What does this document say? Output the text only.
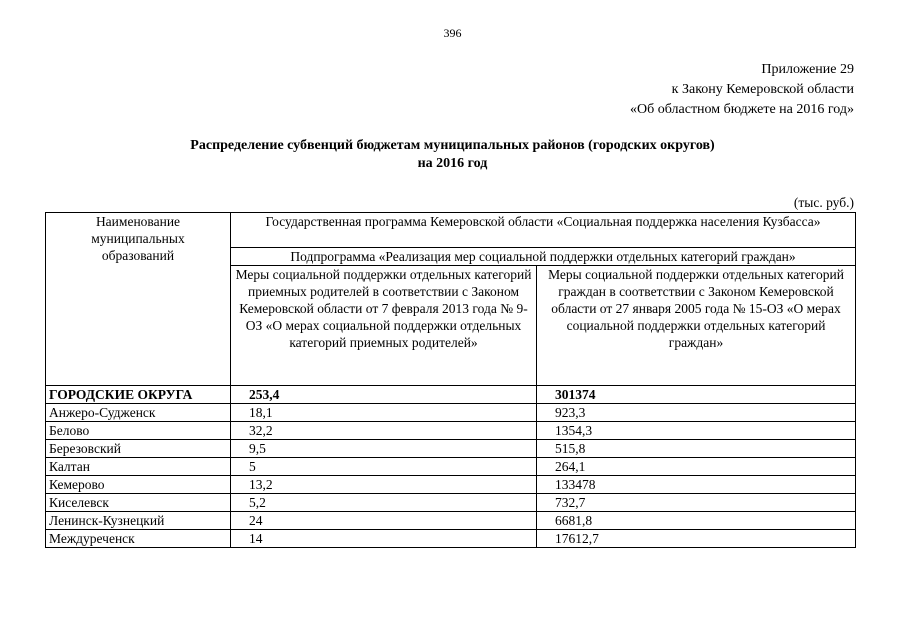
396
Приложение 29
к Закону Кемеровской области
«Об областном бюджете на 2016 год»
Распределение субвенций бюджетам муниципальных районов (городских округов)
на 2016 год
(тыс. руб.)
Наименование муниципальных образований	Государственная программа Кемеровской области «Социальная поддержка населения Кузбасса»	
	Подпрограмма «Реализация мер социальной поддержки отдельных категорий граждан»	
	Меры социальной поддержки отдельных категорий приемных родителей в соответствии с Законом Кемеровской области от 7 февраля 2013 года № 9-ОЗ «О мерах социальной поддержки отдельных категорий приемных родителей»	Меры социальной поддержки отдельных категорий граждан в соответствии с Законом Кемеровской области от 27 января 2005 года № 15-ОЗ «О мерах социальной поддержки отдельных категорий граждан»
ГОРОДСКИЕ ОКРУГА	253,4	301374
Анжеро-Судженск	18,1	923,3
Белово	32,2	1354,3
Березовский	9,5	515,8
Калтан	5	264,1
Кемерово	13,2	133478
Киселевск	5,2	732,7
Ленинск-Кузнецкий	24	6681,8
Междуреченск	14	17612,7
